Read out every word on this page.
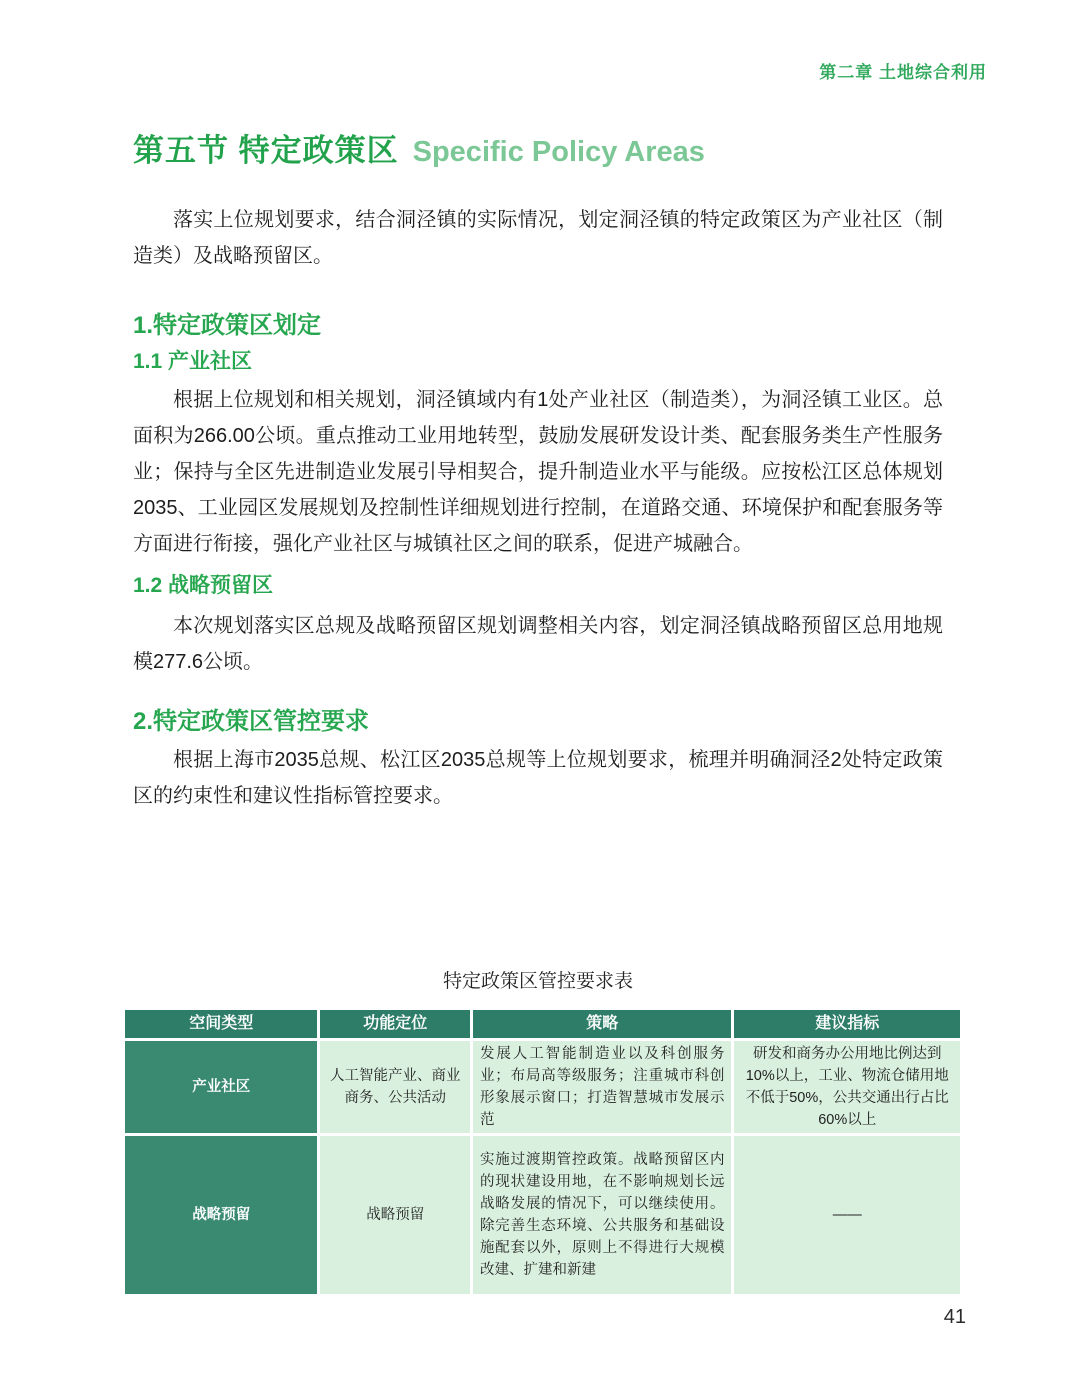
第二章 土地综合利用
第五节 特定政策区 Specific Policy Areas

落实上位规划要求，结合洞泾镇的实际情况，划定洞泾镇的特定政策区为产业社区（制造类）及战略预留区。

1.特定政策区划定
1.1 产业社区

根据上位规划和相关规划，洞泾镇域内有1处产业社区（制造类），为洞泾镇工业区。总面积为266.00公顷。重点推动工业用地转型，鼓励发展研发设计类、配套服务类生产性服务业；保持与全区先进制造业发展引导相契合，提升制造业水平与能级。应按松江区总体规划2035、工业园区发展规划及控制性详细规划进行控制，在道路交通、环境保护和配套服务等方面进行衔接，强化产业社区与城镇社区之间的联系，促进产城融合。

1.2 战略预留区

本次规划落实区总规及战略预留区规划调整相关内容，划定洞泾镇战略预留区总用地规模277.6公顷。

2.特定政策区管控要求

根据上海市2035总规、松江区2035总规等上位规划要求，梳理并明确洞泾2处特定政策区的约束性和建议性指标管控要求。

特定政策区管控要求表
空间类型	功能定位	策略	建议指标
产业社区	人工智能产业、商业商务、公共活动	发展人工智能制造业以及科创服务业；布局高等级服务；注重城市科创形象展示窗口；打造智慧城市发展示范	研发和商务办公用地比例达到10%以上，工业、物流仓储用地不低于50%，公共交通出行占比60%以上
战略预留	战略预留	实施过渡期管控政策。战略预留区内的现状建设用地，在不影响规划长远战略发展的情况下，可以继续使用。除完善生态环境、公共服务和基础设施配套以外，原则上不得进行大规模改建、扩建和新建	——
41
